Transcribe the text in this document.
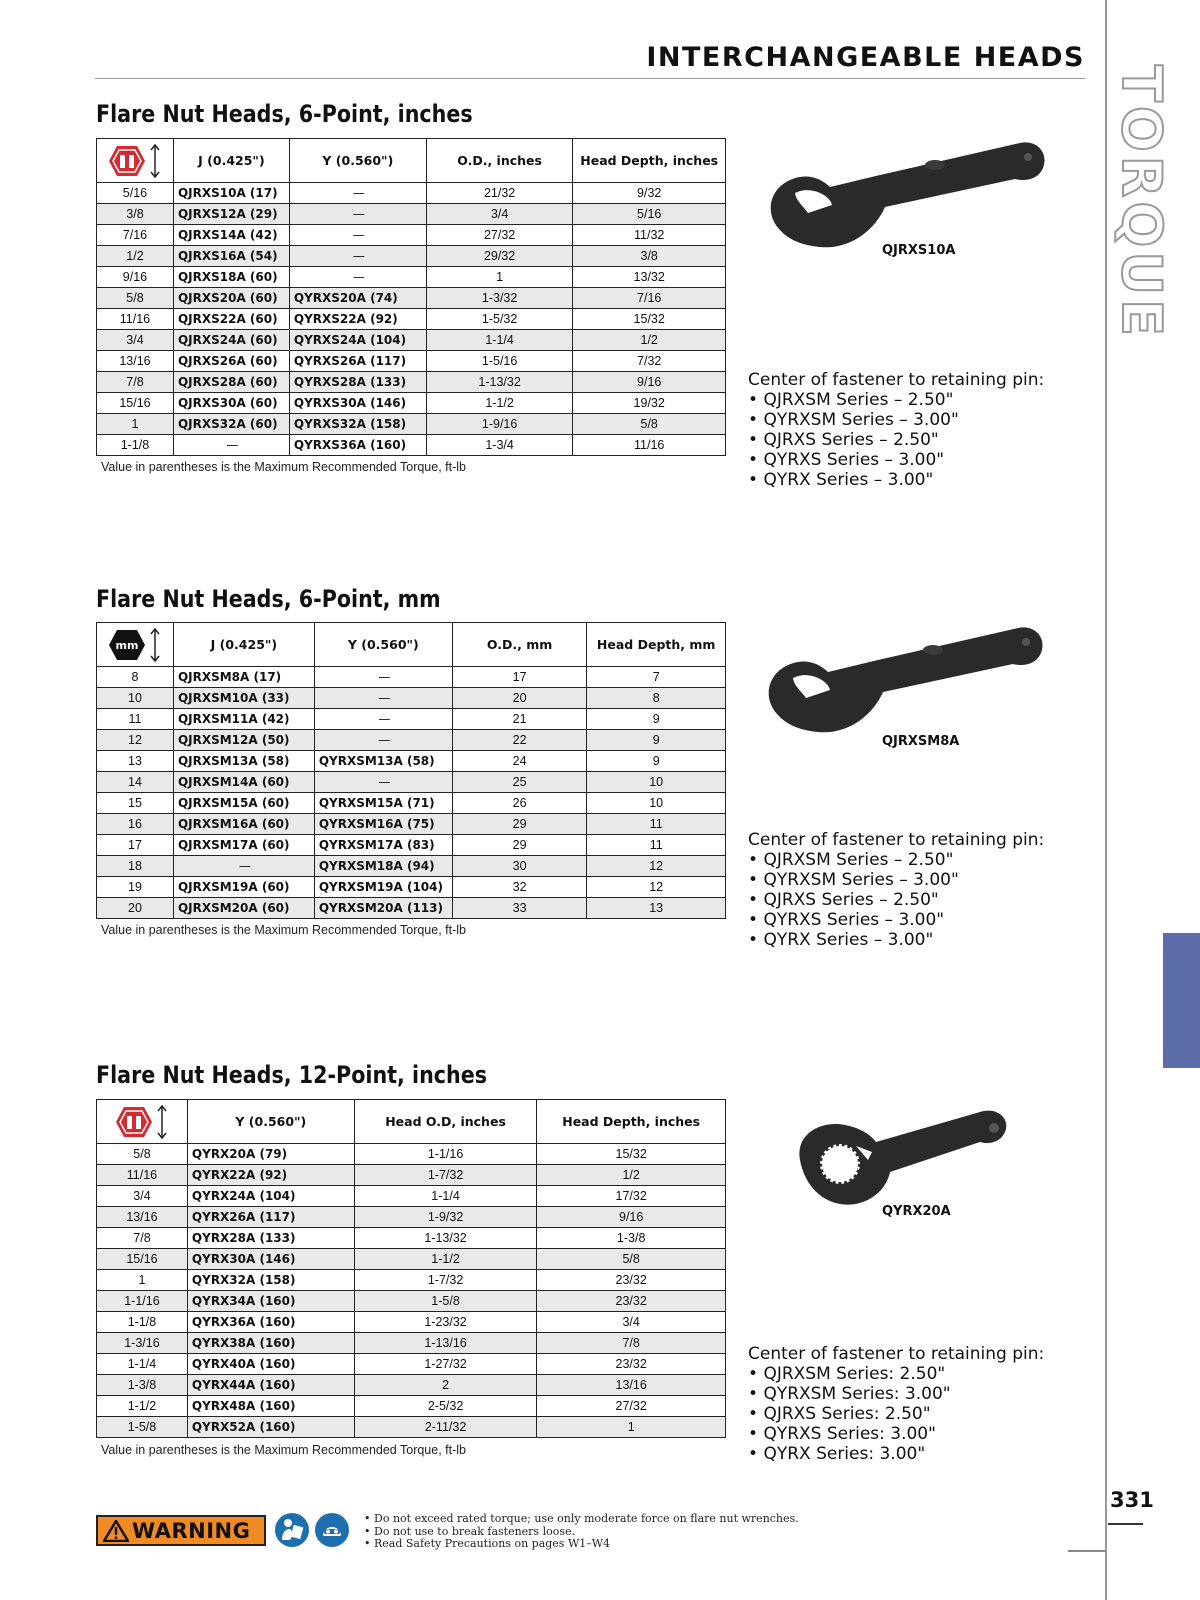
INTERCHANGEABLE HEADS
TORQUE
331
Flare Nut Heads, 6-Point, inches
	J (0.425")	Y (0.560")	O.D., inches	Head Depth, inches
5/16	QJRXS10A (17)	—	21/32	9/32
3/8	QJRXS12A (29)	—	3/4	5/16
7/16	QJRXS14A (42)	—	27/32	11/32
1/2	QJRXS16A (54)	—	29/32	3/8
9/16	QJRXS18A (60)	—	1	13/32
5/8	QJRXS20A (60)	QYRXS20A (74)	1-3/32	7/16
11/16	QJRXS22A (60)	QYRXS22A (92)	1-5/32	15/32
3/4	QJRXS24A (60)	QYRXS24A (104)	1-1/4	1/2
13/16	QJRXS26A (60)	QYRXS26A (117)	1-5/16	7/32
7/8	QJRXS28A (60)	QYRXS28A (133)	1-13/32	9/16
15/16	QJRXS30A (60)	QYRXS30A (146)	1-1/2	19/32
1	QJRXS32A (60)	QYRXS32A (158)	1-9/16	5/8
1-1/8	—	QYRXS36A (160)	1-3/4	11/16
Value in parentheses is the Maximum Recommended Torque, ft-lb
QJRXS10A
Center of fastener to retaining pin:
• QJRXSM Series – 2.50"
• QYRXSM Series – 3.00"
• QJRXS Series – 2.50"
• QYRXS Series – 3.00"
• QYRX Series – 3.00"
Flare Nut Heads, 6-Point, mm
mm	J (0.425")	Y (0.560")	O.D., mm	Head Depth, mm
8	QJRXSM8A (17)	—	17	7
10	QJRXSM10A (33)	—	20	8
11	QJRXSM11A (42)	—	21	9
12	QJRXSM12A (50)	—	22	9
13	QJRXSM13A (58)	QYRXSM13A (58)	24	9
14	QJRXSM14A (60)	—	25	10
15	QJRXSM15A (60)	QYRXSM15A (71)	26	10
16	QJRXSM16A (60)	QYRXSM16A (75)	29	11
17	QJRXSM17A (60)	QYRXSM17A (83)	29	11
18	—	QYRXSM18A (94)	30	12
19	QJRXSM19A (60)	QYRXSM19A (104)	32	12
20	QJRXSM20A (60)	QYRXSM20A (113)	33	13
Value in parentheses is the Maximum Recommended Torque, ft-lb
QJRXSM8A
Center of fastener to retaining pin:
• QJRXSM Series – 2.50"
• QYRXSM Series – 3.00"
• QJRXS Series – 2.50"
• QYRXS Series – 3.00"
• QYRX Series – 3.00"
Flare Nut Heads, 12-Point, inches
	Y (0.560")	Head O.D, inches	Head Depth, inches
5/8	QYRX20A (79)	1-1/16	15/32
11/16	QYRX22A (92)	1-7/32	1/2
3/4	QYRX24A (104)	1-1/4	17/32
13/16	QYRX26A (117)	1-9/32	9/16
7/8	QYRX28A (133)	1-13/32	1-3/8
15/16	QYRX30A (146)	1-1/2	5/8
1	QYRX32A (158)	1-7/32	23/32
1-1/16	QYRX34A (160)	1-5/8	23/32
1-1/8	QYRX36A (160)	1-23/32	3/4
1-3/16	QYRX38A (160)	1-13/16	7/8
1-1/4	QYRX40A (160)	1-27/32	23/32
1-3/8	QYRX44A (160)	2	13/16
1-1/2	QYRX48A (160)	2-5/32	27/32
1-5/8	QYRX52A (160)	2-11/32	1
Value in parentheses is the Maximum Recommended Torque, ft-lb
QYRX20A
Center of fastener to retaining pin:
• QJRXSM Series: 2.50"
• QYRXSM Series: 3.00"
• QJRXS Series: 2.50"
• QYRXS Series: 3.00"
• QYRX Series: 3.00"
WARNING	• Do not exceed rated torque; use only moderate force on flare nut wrenches.
• Do not use to break fasteners loose.
• Read Safety Precautions on pages W1–W4
